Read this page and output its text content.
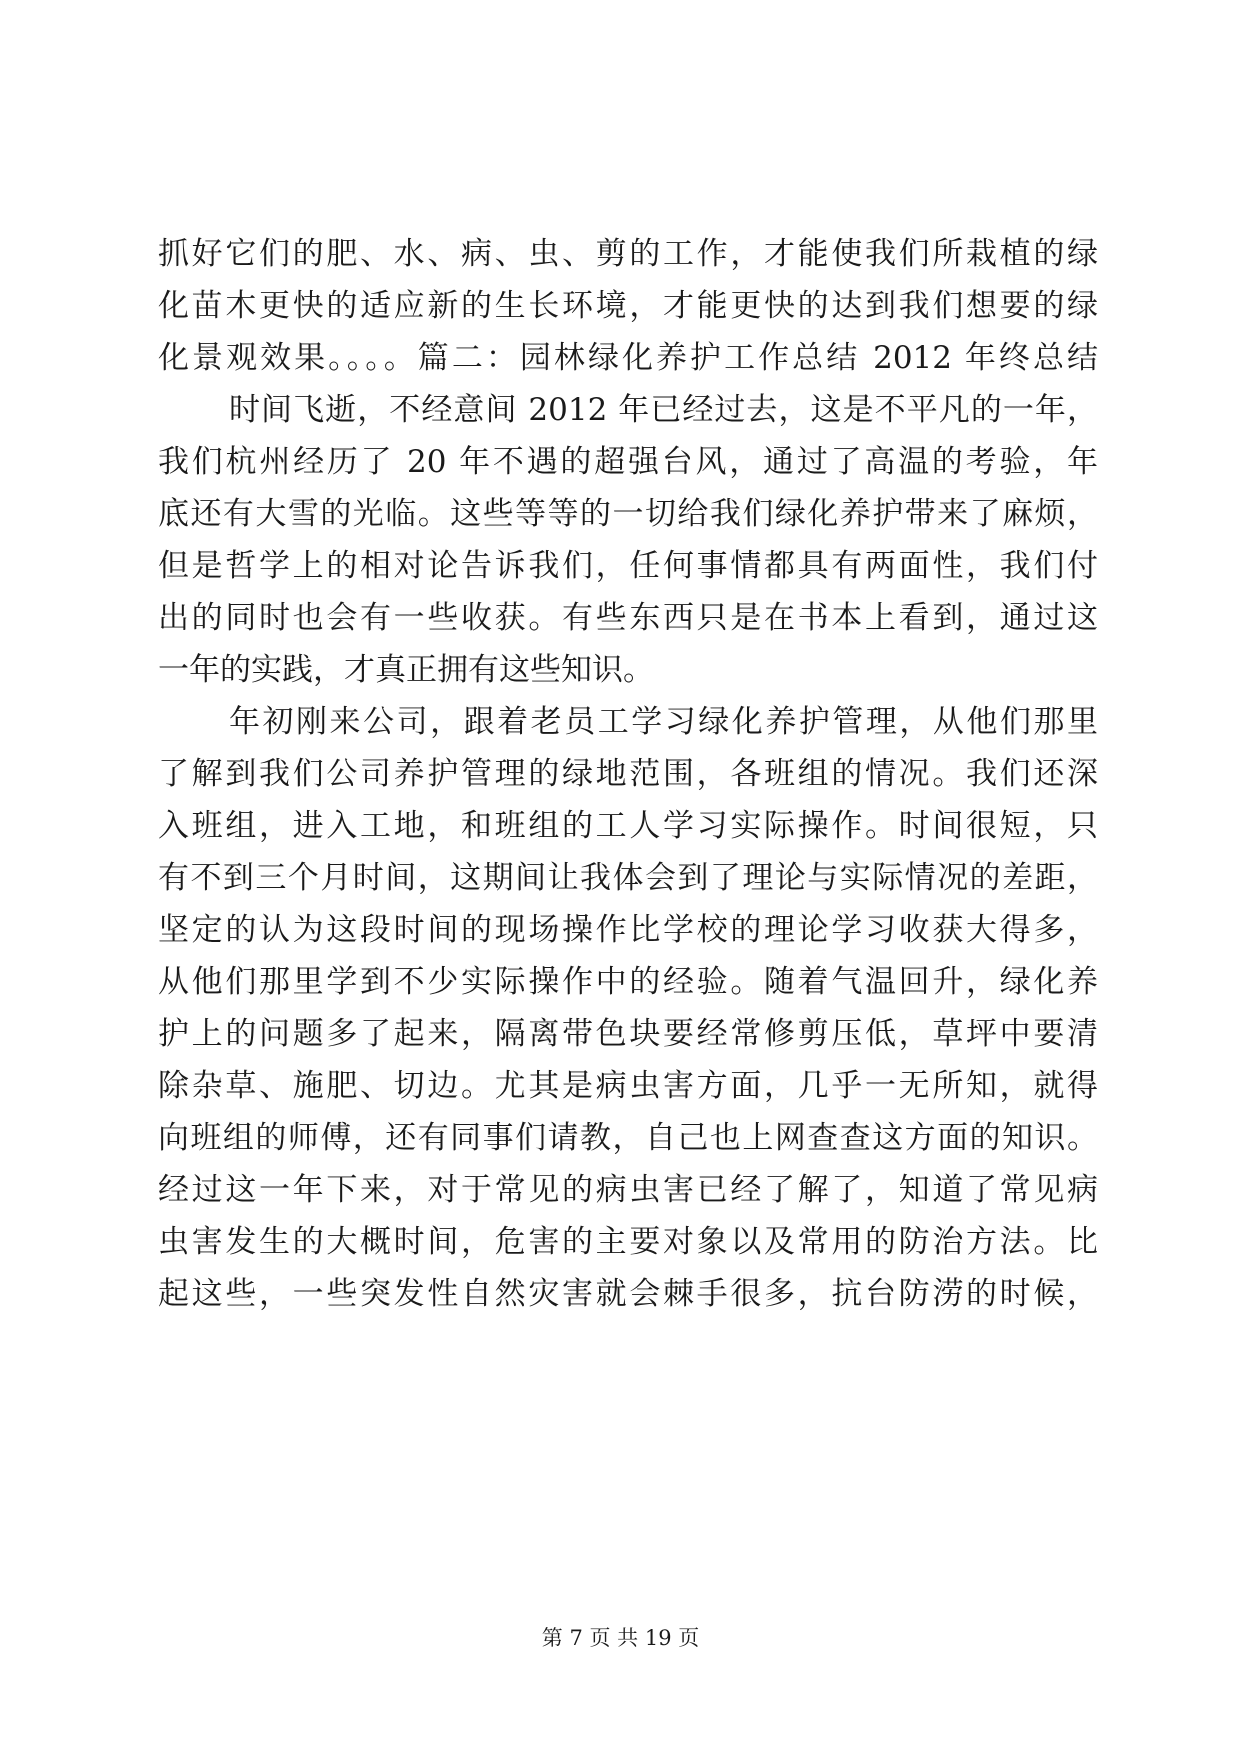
抓好它们的肥、水、病、虫、剪的工作，才能使我们所栽植的绿
化苗木更快的适应新的生长环境，才能更快的达到我们想要的绿
化景观效果。。。。篇二：园林绿化养护工作总结 2012 年终总结
时间飞逝，不经意间 2012 年已经过去，这是不平凡的一年，
我们杭州经历了 20 年不遇的超强台风，通过了高温的考验，年
底还有大雪的光临。这些等等的一切给我们绿化养护带来了麻烦，
但是哲学上的相对论告诉我们，任何事情都具有两面性，我们付
出的同时也会有一些收获。有些东西只是在书本上看到，通过这
一年的实践，才真正拥有这些知识。
年初刚来公司，跟着老员工学习绿化养护管理，从他们那里
了解到我们公司养护管理的绿地范围，各班组的情况。我们还深
入班组，进入工地，和班组的工人学习实际操作。时间很短，只
有不到三个月时间，这期间让我体会到了理论与实际情况的差距，
坚定的认为这段时间的现场操作比学校的理论学习收获大得多，
从他们那里学到不少实际操作中的经验。随着气温回升，绿化养
护上的问题多了起来，隔离带色块要经常修剪压低，草坪中要清
除杂草、施肥、切边。尤其是病虫害方面，几乎一无所知，就得
向班组的师傅，还有同事们请教，自己也上网查查这方面的知识。
经过这一年下来，对于常见的病虫害已经了解了，知道了常见病
虫害发生的大概时间，危害的主要对象以及常用的防治方法。比
起这些，一些突发性自然灾害就会棘手很多，抗台防涝的时候，
第 7 页 共 19 页
